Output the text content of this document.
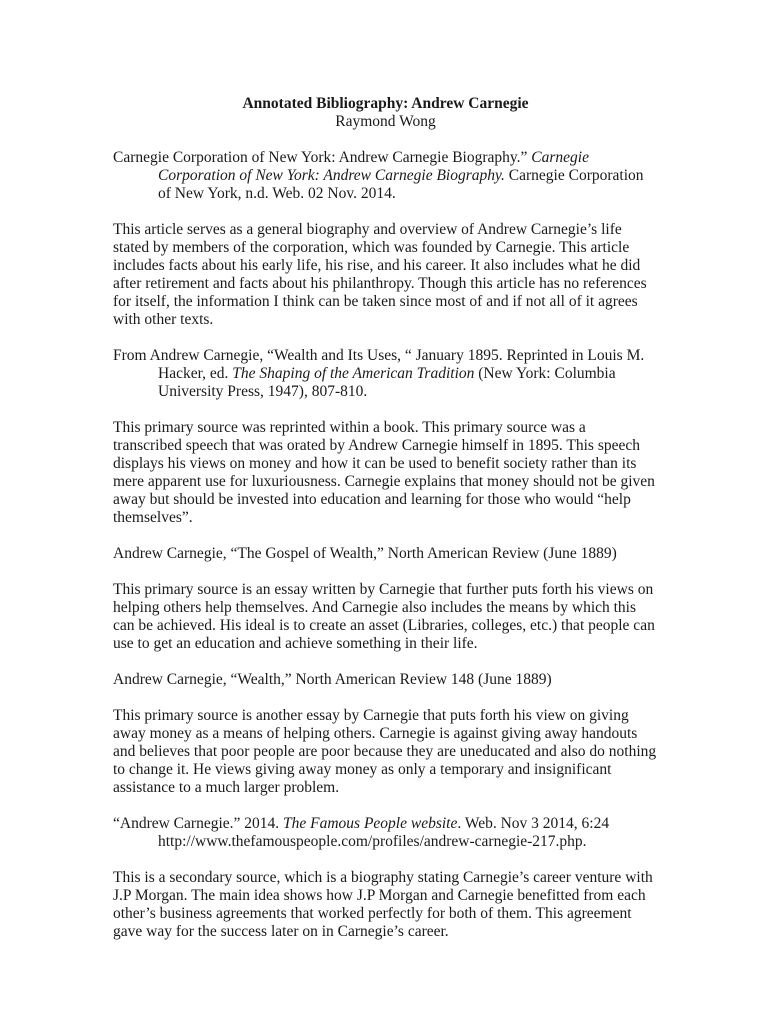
Annotated Bibliography: Andrew Carnegie

Raymond Wong

Carnegie Corporation of New York: Andrew Carnegie Biography.” Carnegie Corporation of New York: Andrew Carnegie Biography. Carnegie Corporation of New York, n.d. Web. 02 Nov. 2014.

This article serves as a general biography and overview of Andrew Carnegie’s life stated by members of the corporation, which was founded by Carnegie. This article includes facts about his early life, his rise, and his career. It also includes what he did after retirement and facts about his philanthropy. Though this article has no references for itself, the information I think can be taken since most of and if not all of it agrees with other texts.

From Andrew Carnegie, “Wealth and Its Uses, “ January 1895. Reprinted in Louis M. Hacker, ed. The Shaping of the American Tradition (New York: Columbia University Press, 1947), 807-810.

This primary source was reprinted within a book. This primary source was a transcribed speech that was orated by Andrew Carnegie himself in 1895. This speech displays his views on money and how it can be used to benefit society rather than its mere apparent use for luxuriousness. Carnegie explains that money should not be given away but should be invested into education and learning for those who would “help themselves”.

Andrew Carnegie, “The Gospel of Wealth,” North American Review (June 1889)

This primary source is an essay written by Carnegie that further puts forth his views on helping others help themselves. And Carnegie also includes the means by which this can be achieved. His ideal is to create an asset (Libraries, colleges, etc.) that people can use to get an education and achieve something in their life.

Andrew Carnegie, “Wealth,” North American Review 148 (June 1889)

This primary source is another essay by Carnegie that puts forth his view on giving away money as a means of helping others. Carnegie is against giving away handouts and believes that poor people are poor because they are uneducated and also do nothing to change it. He views giving away money as only a temporary and insignificant assistance to a much larger problem.

“Andrew Carnegie.” 2014. The Famous People website. Web. Nov 3 2014, 6:24 http://www.thefamouspeople.com/profiles/andrew-carnegie-217.php.

This is a secondary source, which is a biography stating Carnegie’s career venture with J.P Morgan. The main idea shows how J.P Morgan and Carnegie benefitted from each other’s business agreements that worked perfectly for both of them. This agreement gave way for the success later on in Carnegie’s career.
